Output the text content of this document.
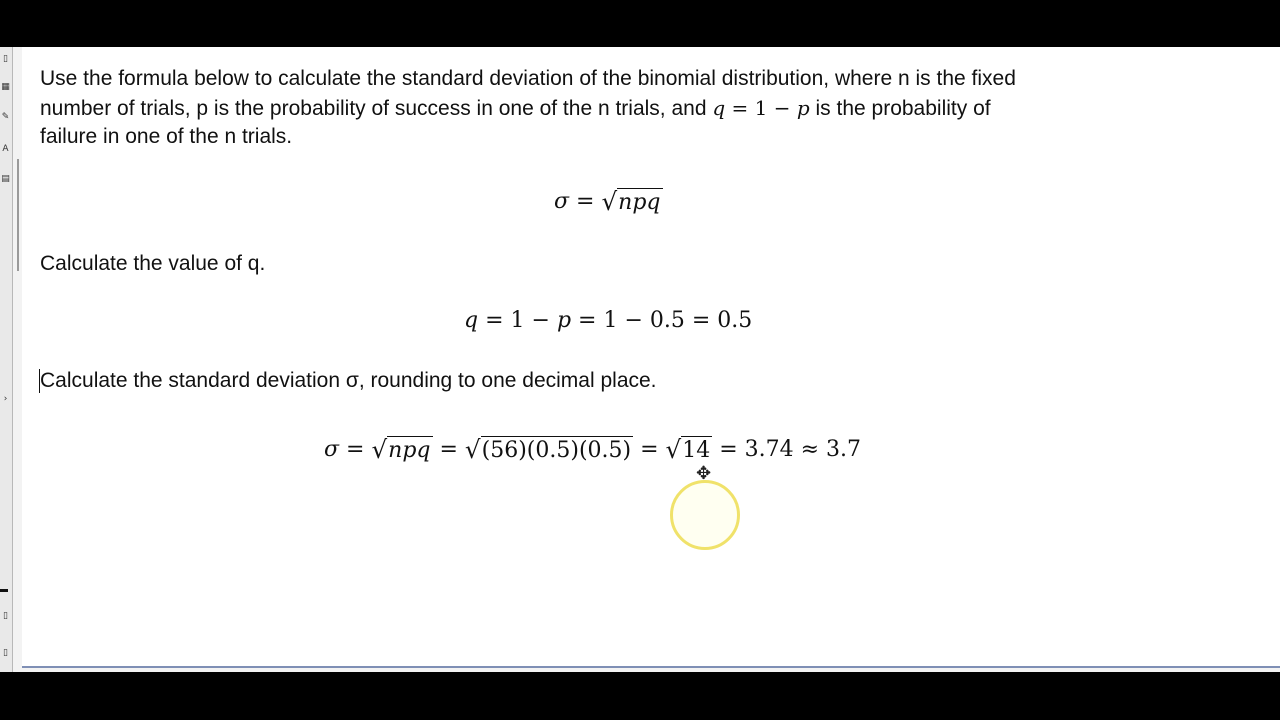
▯
▦
✎
A
▤
›
▯
▯

Use the formula below to calculate the standard deviation of the binomial distribution, where n is the fixed

number of trials, p is the probability of success in one of the n trials, and q = 1 − p is the probability of

failure in one of the n trials.

σ = √ npq

Calculate the value of q.

q = 1 − p = 1 − 0.5 = 0.5

Calculate the standard deviation σ, rounding to one decimal place.

σ = √ npq = √ (56)(0.5)(0.5) = √ 14 = 3.74 ≈ 3.7
✥
